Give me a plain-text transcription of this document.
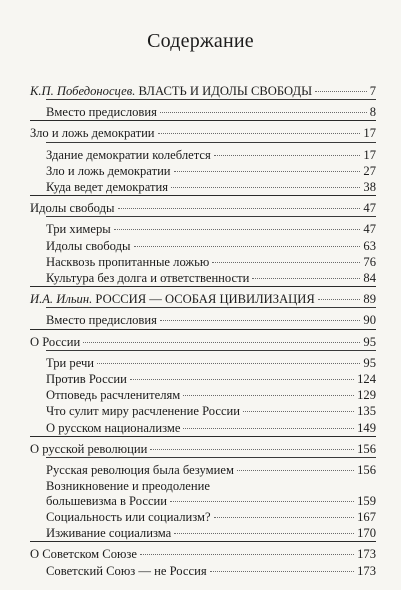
Содержание
К.П. Победоносцев. ВЛАСТЬ И ИДОЛЫ СВОБОДЫ	7
Вместо предисловия	8
Зло и ложь демократии	17
Здание демократии колеблется	17
Зло и ложь демократии	27
Куда ведет демократия	38
Идолы свободы	47
Три химеры	47
Идолы свободы	63
Насквозь пропитанные ложью	76
Культура без долга и ответственности	84
И.А. Ильин. РОССИЯ — ОСОБАЯ ЦИВИЛИЗАЦИЯ	89
Вместо предисловия	90
О России	95
Три речи	95
Против России	124
Отповедь расчленителям	129
Что сулит миру расчленение России	135
О русском национализме	149
О русской революции	156
Русская революция была безумием	156
Возникновение и преодоление
большевизма в России	159
Социальность или социализм?	167
Изживание социализма	170
О Советском Союзе	173
Советский Союз — не Россия	173
